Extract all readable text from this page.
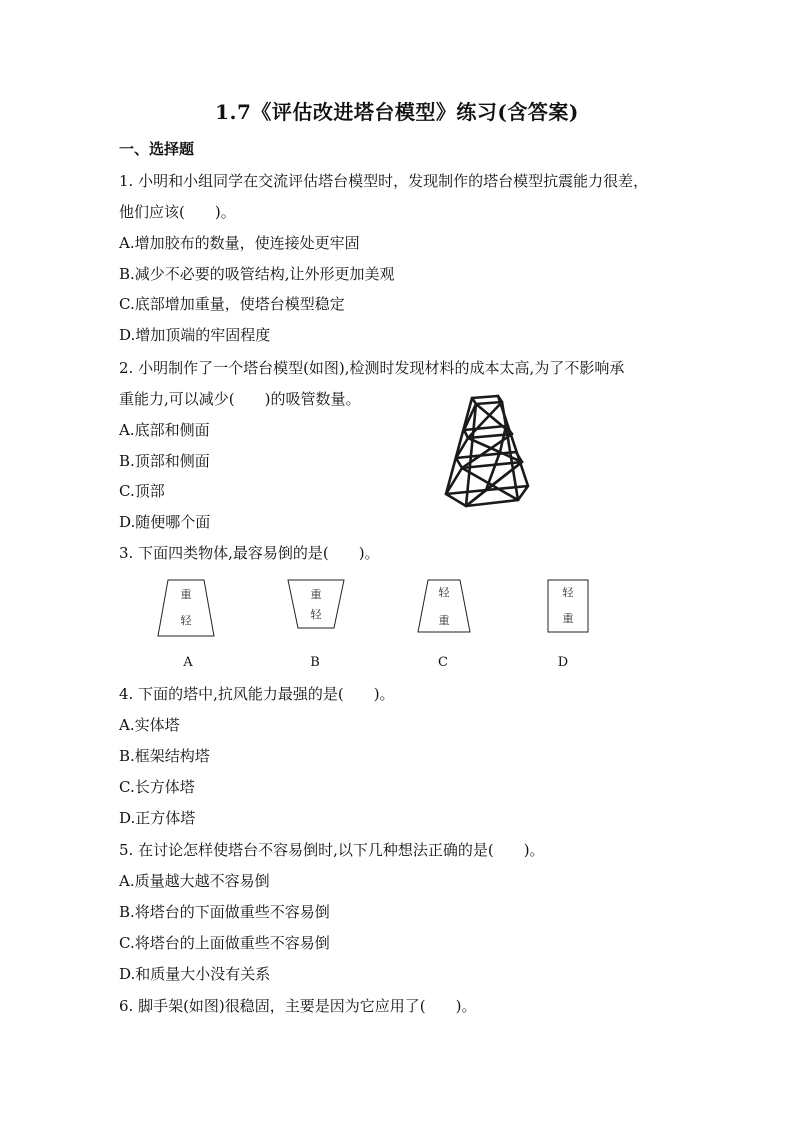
1.7《评估改进塔台模型》练习(含答案)
一、选择题
1. 小明和小组同学在交流评估塔台模型时，发现制作的塔台模型抗震能力很差，
他们应该(　　)。
A.增加胶布的数量，使连接处更牢固
B.减少不必要的吸管结构,让外形更加美观
C.底部增加重量，使塔台模型稳定
D.增加顶端的牢固程度
2. 小明制作了一个塔台模型(如图),检测时发现材料的成本太高,为了不影响承
重能力,可以减少(　　)的吸管数量。
A.底部和侧面
B.顶部和侧面
C.顶部
D.随便哪个面
3. 下面四类物体,最容易倒的是(　　)。
重
轻
A
重
轻
B
轻
重
C
轻
重
D
4. 下面的塔中,抗风能力最强的是(　　)。
A.实体塔
B.框架结构塔
C.长方体塔
D.正方体塔
5. 在讨论怎样使塔台不容易倒时,以下几种想法正确的是(　　)。
A.质量越大越不容易倒
B.将塔台的下面做重些不容易倒
C.将塔台的上面做重些不容易倒
D.和质量大小没有关系
6. 脚手架(如图)很稳固，主要是因为它应用了(　　)。
